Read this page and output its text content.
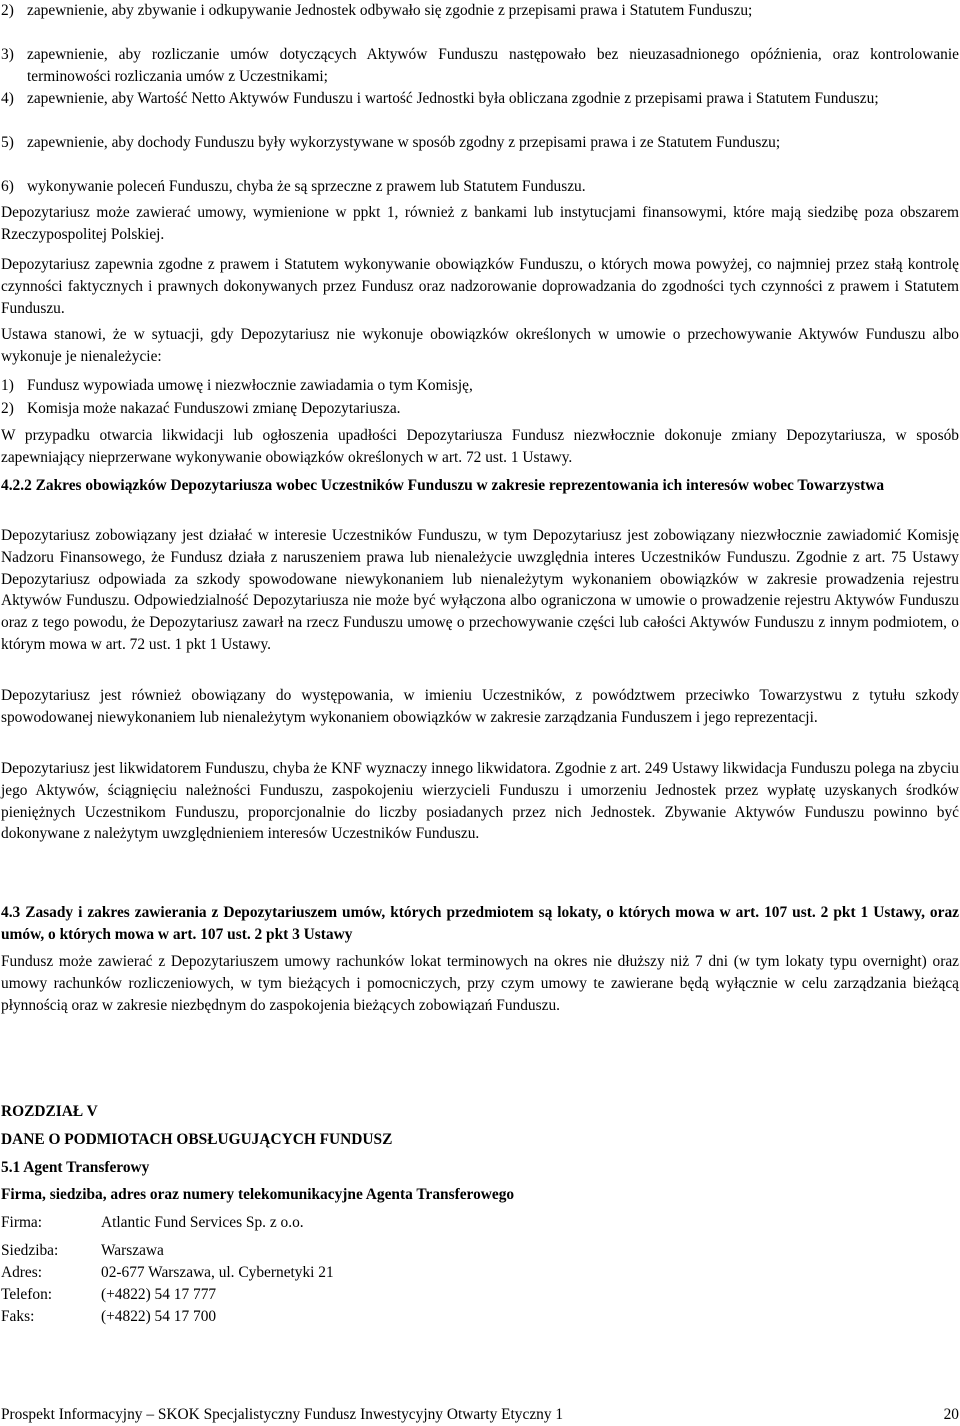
2) zapewnienie, aby zbywanie i odkupywanie Jednostek odbywało się zgodnie z przepisami prawa i Statutem Funduszu;
3) zapewnienie, aby rozliczanie umów dotyczących Aktywów Funduszu następowało bez nieuzasadnionego opóźnienia, oraz kontrolowanie terminowości rozliczania umów z Uczestnikami;
4) zapewnienie, aby Wartość Netto Aktywów Funduszu i wartość Jednostki była obliczana zgodnie z przepisami prawa i Statutem Funduszu;
5) zapewnienie, aby dochody Funduszu były wykorzystywane w sposób zgodny z przepisami prawa i ze Statutem Funduszu;
6) wykonywanie poleceń Funduszu, chyba że są sprzeczne z prawem lub Statutem Funduszu.

Depozytariusz może zawierać umowy, wymienione w ppkt 1, również z bankami lub instytucjami finansowymi, które mają siedzibę poza obszarem Rzeczypospolitej Polskiej.

Depozytariusz zapewnia zgodne z prawem i Statutem wykonywanie obowiązków Funduszu, o których mowa powyżej, co najmniej przez stałą kontrolę czynności faktycznych i prawnych dokonywanych przez Fundusz oraz nadzorowanie doprowadzania do zgodności tych czynności z prawem i Statutem Funduszu.

Ustawa stanowi, że w sytuacji, gdy Depozytariusz nie wykonuje obowiązków określonych w umowie o przechowywanie Aktywów Funduszu albo wykonuje je nienależycie:

1) Fundusz wypowiada umowę i niezwłocznie zawiadamia o tym Komisję,
2) Komisja może nakazać Funduszowi zmianę Depozytariusza.

W przypadku otwarcia likwidacji lub ogłoszenia upadłości Depozytariusza Fundusz niezwłocznie dokonuje zmiany Depozytariusza, w sposób zapewniający nieprzerwane wykonywanie obowiązków określonych w art. 72 ust. 1 Ustawy.

4.2.2 Zakres obowiązków Depozytariusza wobec Uczestników Funduszu w zakresie reprezentowania ich interesów wobec Towarzystwa

Depozytariusz zobowiązany jest działać w interesie Uczestników Funduszu, w tym Depozytariusz jest zobowiązany niezwłocznie zawiadomić Komisję Nadzoru Finansowego, że Fundusz działa z naruszeniem prawa lub nienależycie uwzględnia interes Uczestników Funduszu. Zgodnie z art. 75 Ustawy Depozytariusz odpowiada za szkody spowodowane niewykonaniem lub nienależytym wykonaniem obowiązków w zakresie prowadzenia rejestru Aktywów Funduszu. Odpowiedzialność Depozytariusza nie może być wyłączona albo ograniczona w umowie o prowadzenie rejestru Aktywów Funduszu oraz z tego powodu, że Depozytariusz zawarł na rzecz Funduszu umowę o przechowywanie części lub całości Aktywów Funduszu z innym podmiotem, o którym mowa w art. 72 ust. 1 pkt 1 Ustawy.

Depozytariusz jest również obowiązany do występowania, w imieniu Uczestników, z powództwem przeciwko Towarzystwu z tytułu szkody spowodowanej niewykonaniem lub nienależytym wykonaniem obowiązków w zakresie zarządzania Funduszem i jego reprezentacji.

Depozytariusz jest likwidatorem Funduszu, chyba że KNF wyznaczy innego likwidatora. Zgodnie z art. 249 Ustawy likwidacja Funduszu polega na zbyciu jego Aktywów, ściągnięciu należności Funduszu, zaspokojeniu wierzycieli Funduszu i umorzeniu Jednostek przez wypłatę uzyskanych środków pieniężnych Uczestnikom Funduszu, proporcjonalnie do liczby posiadanych przez nich Jednostek. Zbywanie Aktywów Funduszu powinno być dokonywane z należytym uwzględnieniem interesów Uczestników Funduszu.

4.3 Zasady i zakres zawierania z Depozytariuszem umów, których przedmiotem są lokaty, o których mowa w art. 107 ust. 2 pkt 1 Ustawy, oraz umów, o których mowa w art. 107 ust. 2 pkt 3 Ustawy

Fundusz może zawierać z Depozytariuszem umowy rachunków lokat terminowych na okres nie dłuższy niż 7 dni (w tym lokaty typu overnight) oraz umowy rachunków rozliczeniowych, w tym bieżących i pomocniczych, przy czym umowy te zawierane będą wyłącznie w celu zarządzania bieżącą płynnością oraz w zakresie niezbędnym do zaspokojenia bieżących zobowiązań Funduszu.

ROZDZIAŁ V

DANE O PODMIOTACH OBSŁUGUJĄCYCH FUNDUSZ

5.1 Agent Transferowy

Firma, siedziba, adres oraz numery telekomunikacyjne Agenta Transferowego

Firma:	Atlantic Fund Services Sp. z o.o.
Siedziba:	Warszawa
Adres:	02-677 Warszawa, ul. Cybernetyki 21
Telefon:	(+4822) 54 17 777
Faks:	(+4822) 54 17 700
Prospekt Informacyjny – SKOK Specjalistyczny Fundusz Inwestycyjny Otwarty Etyczny 1	20
